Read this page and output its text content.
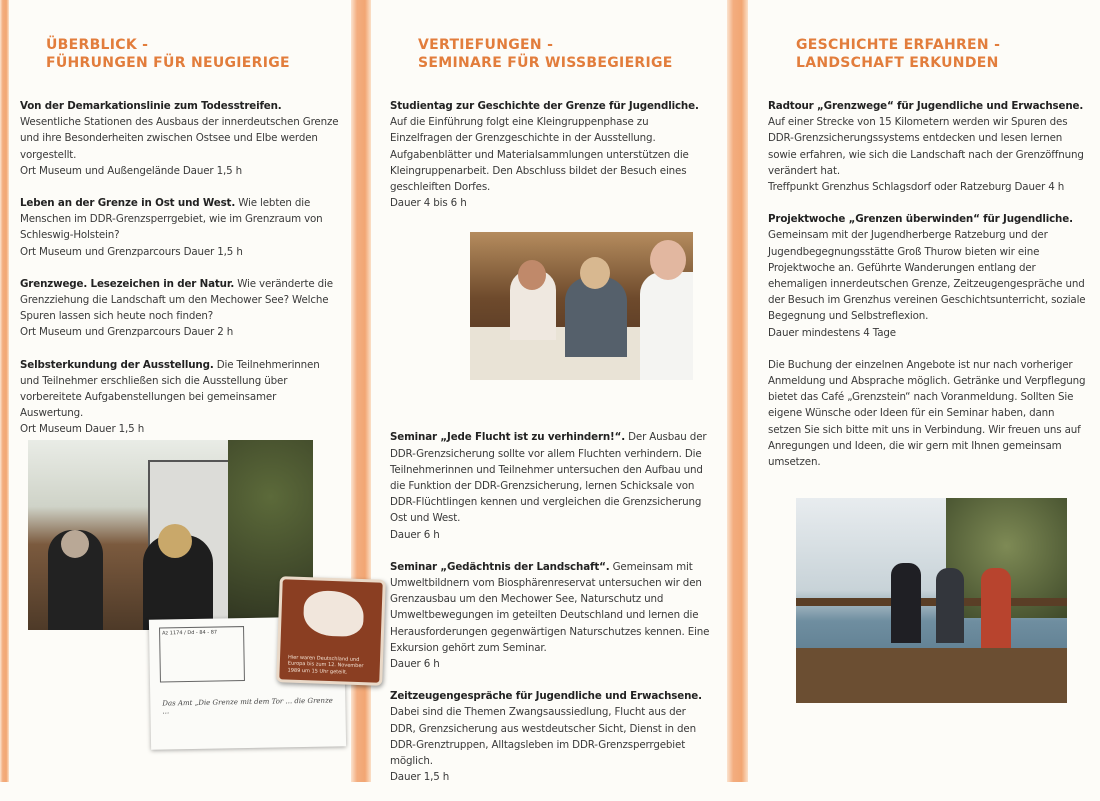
ÜBERBLICK -
FÜHRUNGEN FÜR NEUGIERIGE
Von der Demarkationslinie zum Todesstreifen. Wesentliche Stationen des Ausbaus der innerdeutschen Grenze und ihre Besonderheiten zwischen Ostsee und Elbe werden vorgestellt.
Ort Museum und Außengelände Dauer 1,5 h
Leben an der Grenze in Ost und West. Wie lebten die Menschen im DDR-Grenzsperrgebiet, wie im Grenzraum von Schleswig-Holstein?
Ort Museum und Grenzparcours Dauer 1,5 h
Grenzwege. Lesezeichen in der Natur. Wie veränderte die Grenzziehung die Landschaft um den Mechower See? Welche Spuren lassen sich heute noch finden?
Ort Museum und Grenzparcours Dauer 2 h
Selbsterkundung der Ausstellung. Die Teilnehmerinnen und Teilnehmer erschließen sich die Ausstellung über vorbereitete Aufgabenstellungen bei gemeinsamer Auswertung.
Ort Museum Dauer 1,5 h
Az 1174 / Dd - 84 - 87
Das Amt „Die Grenze mit dem Tor ... die Grenze ...
Hier waren Deutschland und Europa bis zum 12. November 1989 um 15 Uhr geteilt.
VERTIEFUNGEN -
SEMINARE FÜR WISSBEGIERIGE
Studientag zur Geschichte der Grenze für Jugendliche. Auf die Einführung folgt eine Kleingruppenphase zu Einzelfragen der Grenzgeschichte in der Ausstellung. Aufgabenblätter und Materialsammlungen unterstützen die Kleingruppenarbeit. Den Abschluss bildet der Besuch eines geschleiften Dorfes.
Dauer 4 bis 6 h
Seminar „Jede Flucht ist zu verhindern!“. Der Ausbau der DDR-Grenzsicherung sollte vor allem Fluchten verhindern. Die Teilnehmerinnen und Teilnehmer untersuchen den Aufbau und die Funktion der DDR-Grenzsicherung, lernen Schicksale von DDR-Flüchtlingen kennen und vergleichen die Grenzsicherung Ost und West.
Dauer 6 h
Seminar „Gedächtnis der Landschaft“. Gemeinsam mit Umweltbildnern vom Biosphärenreservat untersuchen wir den Grenzausbau um den Mechower See, Naturschutz und Umweltbewegungen im geteilten Deutschland und lernen die Herausforderungen gegenwärtigen Naturschutzes kennen. Eine Exkursion gehört zum Seminar.
Dauer 6 h
Zeitzeugengespräche für Jugendliche und Erwachsene. Dabei sind die Themen Zwangsaussiedlung, Flucht aus der DDR, Grenzsicherung aus westdeutscher Sicht, Dienst in den DDR-Grenztruppen, Alltagsleben im DDR-Grenzsperrgebiet möglich.
Dauer 1,5 h
GESCHICHTE ERFAHREN -
LANDSCHAFT ERKUNDEN
Radtour „Grenzwege“ für Jugendliche und Erwachsene. Auf einer Strecke von 15 Kilometern werden wir Spuren des DDR-Grenzsicherungssystems entdecken und lesen lernen sowie erfahren, wie sich die Landschaft nach der Grenzöffnung verändert hat.
Treffpunkt Grenzhus Schlagsdorf oder Ratzeburg Dauer 4 h
Projektwoche „Grenzen überwinden“ für Jugendliche. Gemeinsam mit der Jugendherberge Ratzeburg und der Jugendbegegnungsstätte Groß Thurow bieten wir eine Projektwoche an. Geführte Wanderungen entlang der ehemaligen innerdeutschen Grenze, Zeitzeugengespräche und der Besuch im Grenzhus vereinen Geschichtsunterricht, soziale Begegnung und Selbstreflexion.
Dauer mindestens 4 Tage
Die Buchung der einzelnen Angebote ist nur nach vorheriger Anmeldung und Absprache möglich. Getränke und Verpflegung bietet das Café „Grenzstein“ nach Voranmeldung. Sollten Sie eigene Wünsche oder Ideen für ein Seminar haben, dann setzen Sie sich bitte mit uns in Verbindung. Wir freuen uns auf Anregungen und Ideen, die wir gern mit Ihnen gemeinsam umsetzen.
